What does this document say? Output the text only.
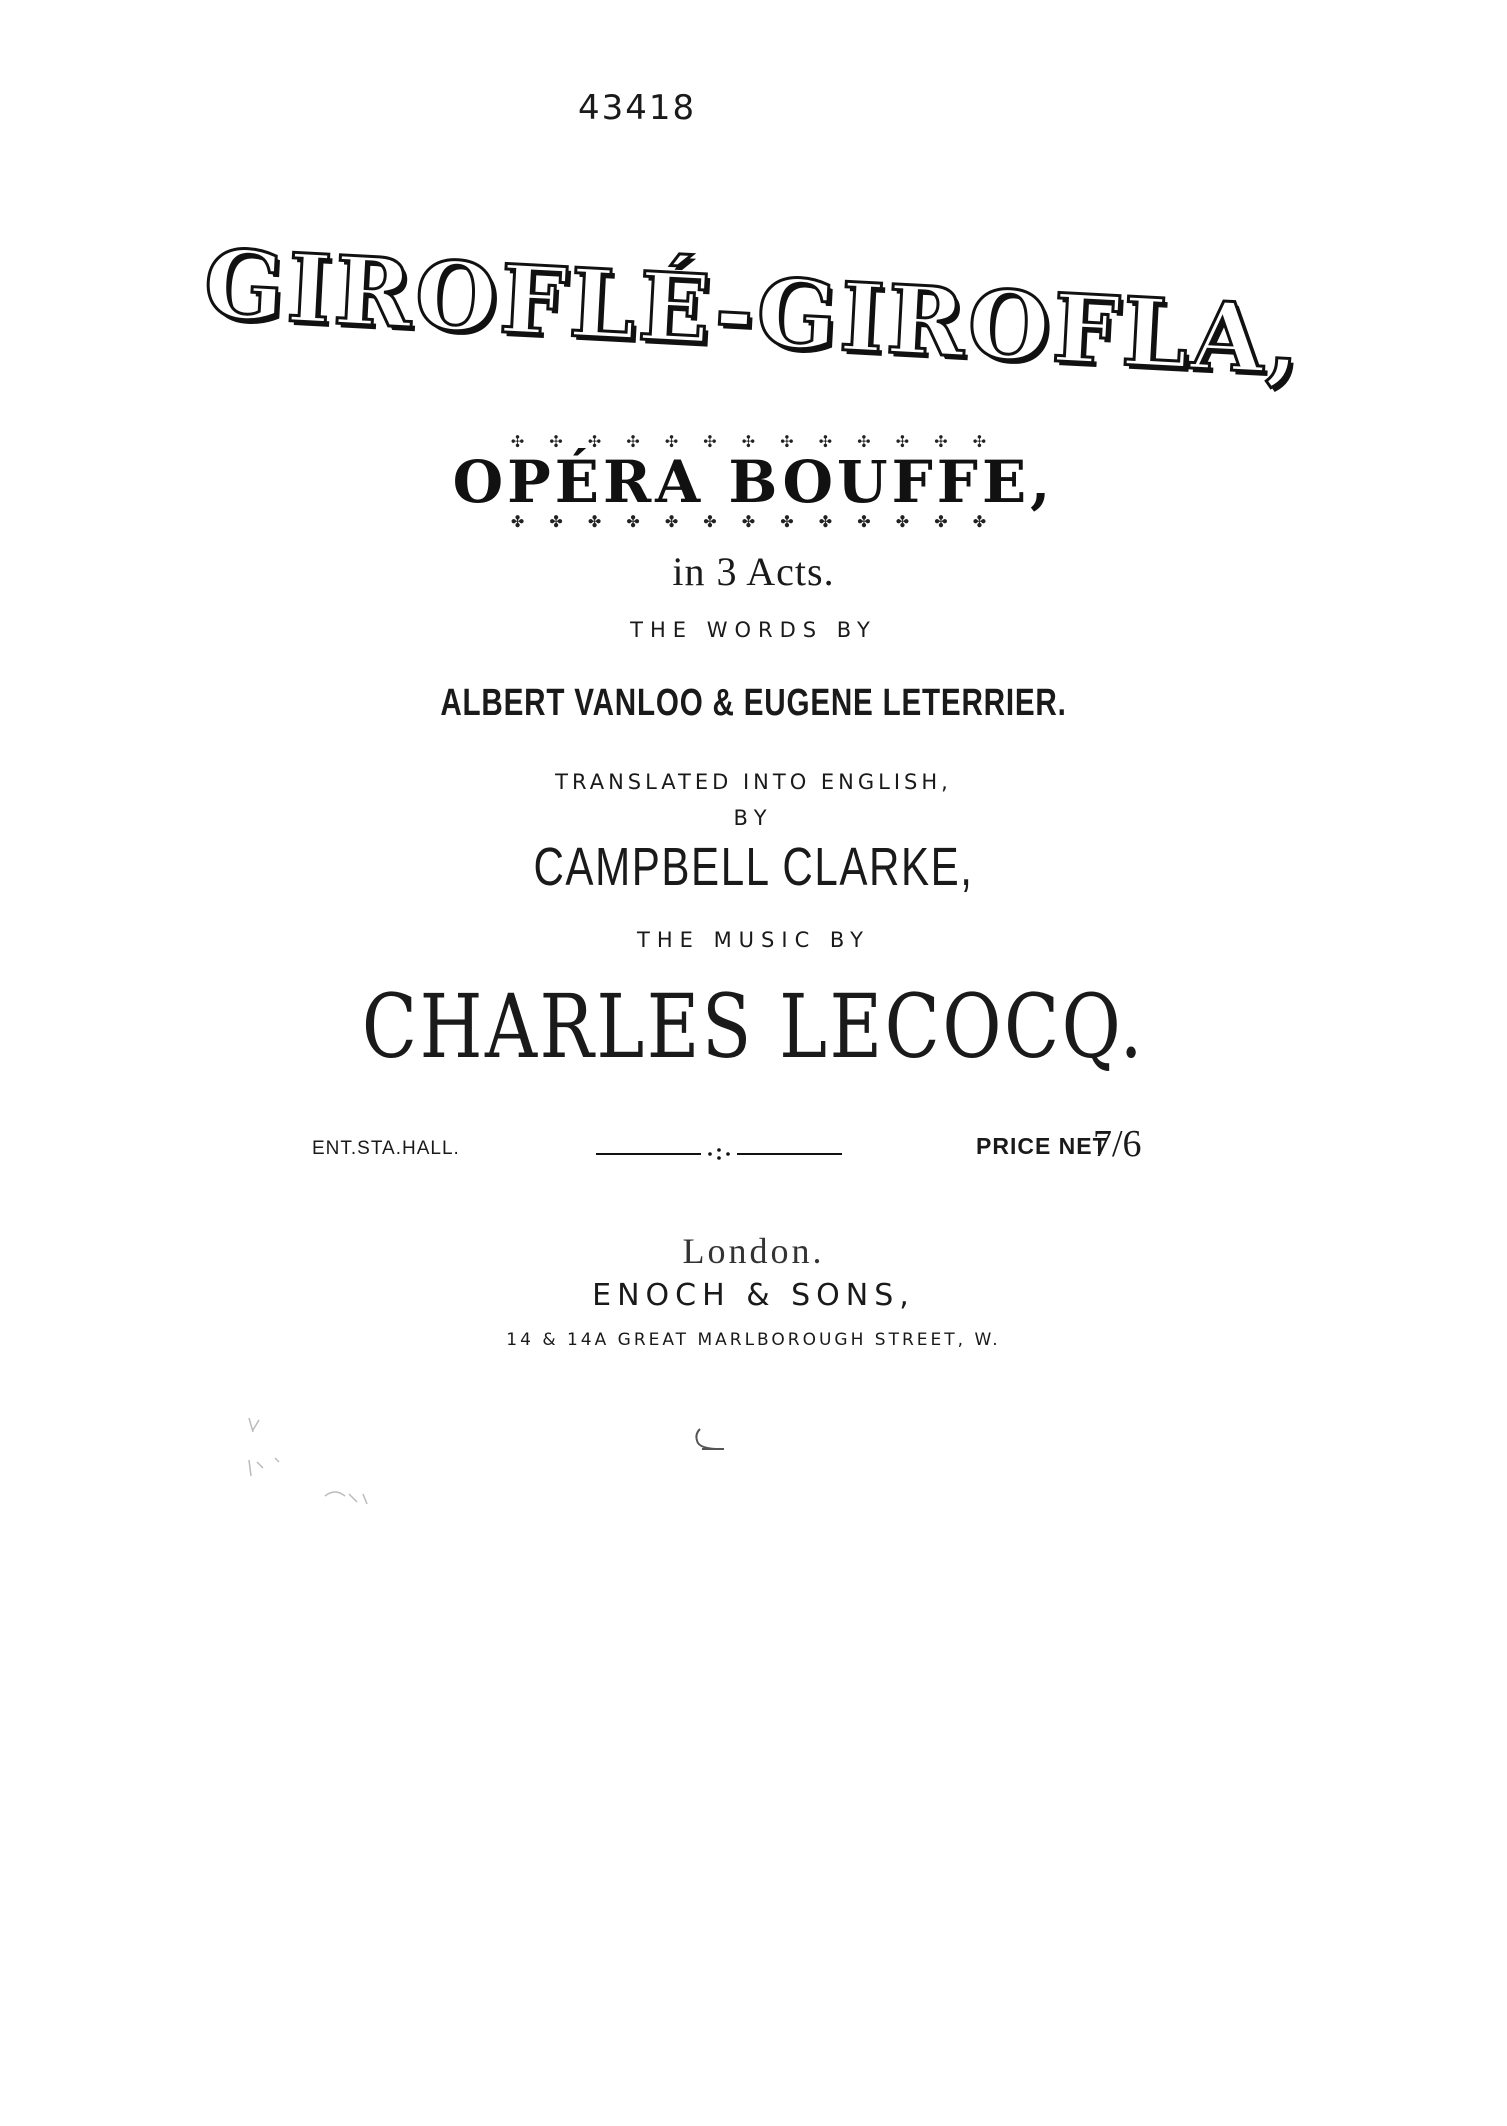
43418
GIROFLÉ-GIROFLA,
✣ ✣ ✣ ✣ ✣ ✣ ✣ ✣ ✣ ✣ ✣ ✣ ✣
OPÉRA BOUFFE,
✤ ✤ ✤ ✤ ✤ ✤ ✤ ✤ ✤ ✤ ✤ ✤ ✤
in 3 Acts.
THE WORDS BY
ALBERT VANLOO & EUGENE LETERRIER.
TRANSLATED INTO ENGLISH,
BY
CAMPBELL CLARKE,
THE MUSIC BY
CHARLES LECOCQ.
ENT.STA.HALL.	PRICE NET
7/6
London.
ENOCH & SONS,
14 & 14A GREAT MARLBOROUGH STREET, W.
